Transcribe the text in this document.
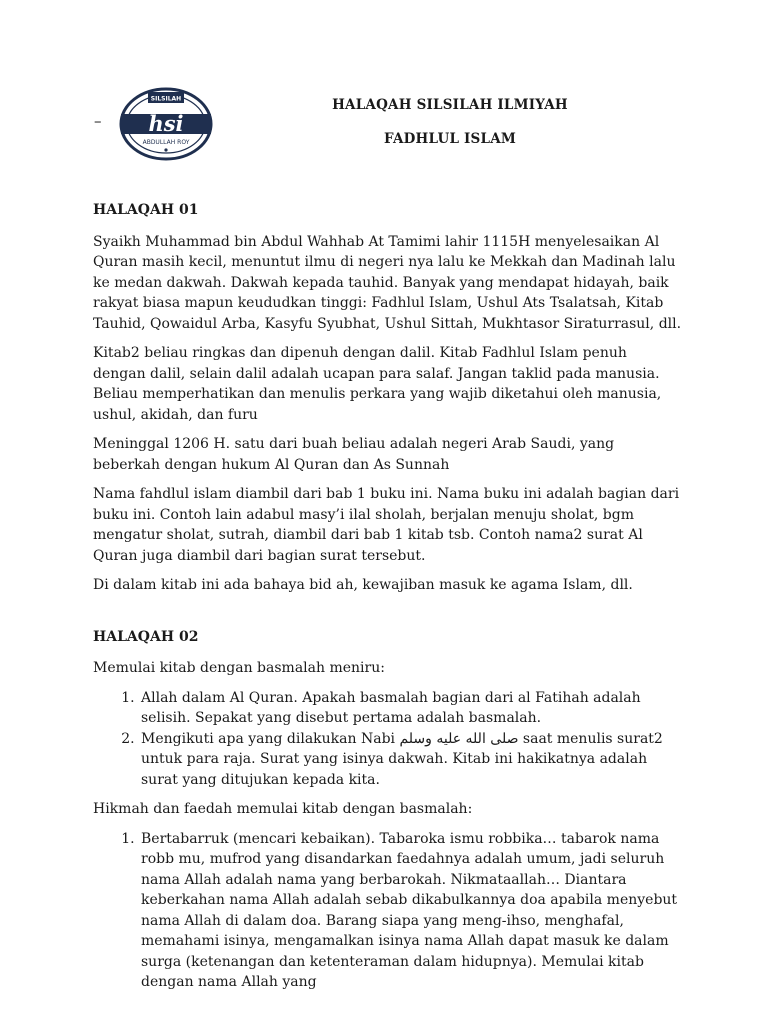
–
SILSILAH
hsi
ABDULLAH ROY
HALAQAH SILSILAH ILMIYAH
FADHLUL ISLAM
HALAQAH 01

Syaikh Muhammad bin Abdul Wahhab At Tamimi lahir 1115H menyelesaikan Al Quran masih kecil, menuntut ilmu di negeri nya lalu ke Mekkah dan Madinah lalu ke medan dakwah. Dakwah kepada tauhid. Banyak yang mendapat hidayah, baik rakyat biasa mapun keududkan tinggi: Fadhlul Islam, Ushul Ats Tsalatsah, Kitab Tauhid, Qowaidul Arba, Kasyfu Syubhat, Ushul Sittah, Mukhtasor Siraturrasul, dll.

Kitab2 beliau ringkas dan dipenuh dengan dalil. Kitab Fadhlul Islam penuh dengan dalil, selain dalil adalah ucapan para salaf. Jangan taklid pada manusia. Beliau memperhatikan dan menulis perkara yang wajib diketahui oleh manusia, ushul, akidah, dan furu

Meninggal 1206 H. satu dari buah beliau adalah negeri Arab Saudi, yang beberkah dengan hukum Al Quran dan As Sunnah

Nama fahdlul islam diambil dari bab 1 buku ini. Nama buku ini adalah bagian dari buku ini. Contoh lain adabul masy’i ilal sholah, berjalan menuju sholat, bgm mengatur sholat, sutrah, diambil dari bab 1 kitab tsb. Contoh nama2 surat Al Quran juga diambil dari bagian surat tersebut.

Di dalam kitab ini ada bahaya bid ah, kewajiban masuk ke agama Islam, dll.

HALAQAH 02

Memulai kitab dengan basmalah meniru:

1. Allah dalam Al Quran. Apakah basmalah bagian dari al Fatihah adalah selisih. Sepakat yang disebut pertama adalah basmalah.
2. Mengikuti apa yang dilakukan Nabi صلى الله عليه وسلم saat menulis surat2 untuk para raja. Surat yang isinya dakwah. Kitab ini hakikatnya adalah surat yang ditujukan kepada kita.

Hikmah dan faedah memulai kitab dengan basmalah:

1. Bertabarruk (mencari kebaikan). Tabaroka ismu robbika… tabarok nama robb mu, mufrod yang disandarkan faedahnya adalah umum, jadi seluruh nama Allah adalah nama yang berbarokah. Nikmataallah… Diantara keberkahan nama Allah adalah sebab dikabulkannya doa apabila menyebut nama Allah di dalam doa. Barang siapa yang meng-ihso, menghafal, memahami isinya, mengamalkan isinya nama Allah dapat masuk ke dalam surga (ketenangan dan ketenteraman dalam hidupnya). Memulai kitab dengan nama Allah yang
